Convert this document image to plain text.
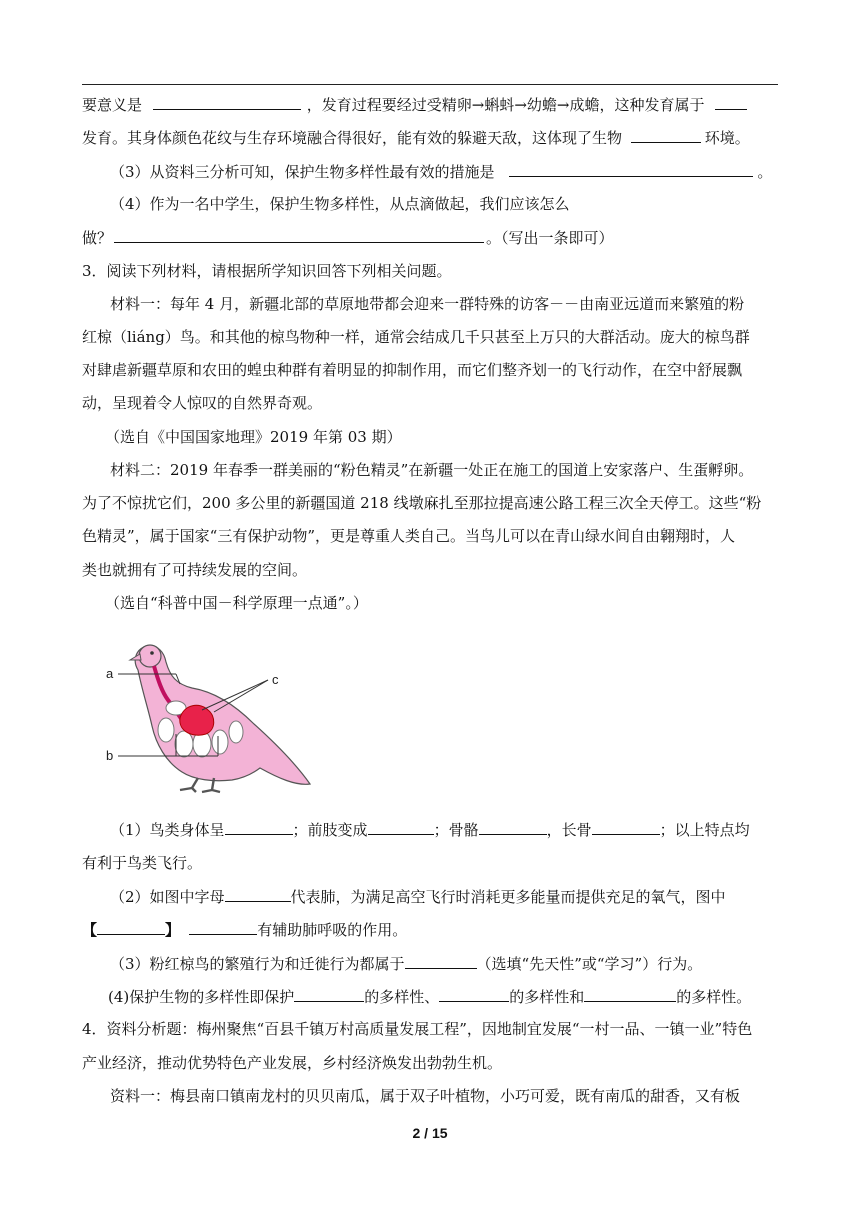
要意义是	，发育过程要经过受精卵→蝌蚪→幼蟾→成蟾，这种发育属于
发育。其身体颜色花纹与生存环境融合得很好，能有效的躲避天敌，这体现了生物	环境。
（3）从资料三分析可知，保护生物多样性最有效的措施是	。
（4）作为一名中学生，保护生物多样性，从点滴做起，我们应该怎么
做？	。（写出一条即可）
3．阅读下列材料，请根据所学知识回答下列相关问题。
材料一：每年 4 月，新疆北部的草原地带都会迎来一群特殊的访客－－由南亚远道而来繁殖的粉
红椋（liáng）鸟。和其他的椋鸟物种一样，通常会结成几千只甚至上万只的大群活动。庞大的椋鸟群
对肆虐新疆草原和农田的蝗虫种群有着明显的抑制作用，而它们整齐划一的飞行动作，在空中舒展飘
动，呈现着令人惊叹的自然界奇观。
（选自《中国国家地理》2019 年第 03 期）
材料二：2019 年春季一群美丽的“粉色精灵”在新疆一处正在施工的国道上安家落户、生蛋孵卵。
为了不惊扰它们，200 多公里的新疆国道 218 线墩麻扎至那拉提高速公路工程三次全天停工。这些“粉
色精灵”，属于国家“三有保护动物”，更是尊重人类自己。当鸟儿可以在青山绿水间自由翱翔时，人
类也就拥有了可持续发展的空间。
（选自“科普中国－科学原理一点通”。）
a
b
c
（1）鸟类身体呈	；前肢变成	；骨骼	，长骨	；以上特点均
有利于鸟类飞行。
（2）如图中字母	代表肺，为满足高空飞行时消耗更多能量而提供充足的氧气，图中
【	】	有辅助肺呼吸的作用。
（3）粉红椋鸟的繁殖行为和迁徙行为都属于	（选填“先天性”或“学习”）行为。
(4)保护生物的多样性即保护	的多样性、	的多样性和	的多样性。
4．资料分析题：梅州聚焦“百县千镇万村高质量发展工程”，因地制宜发展“一村一品、一镇一业”特色
产业经济，推动优势特色产业发展，乡村经济焕发出勃勃生机。
资料一：梅县南口镇南龙村的贝贝南瓜，属于双子叶植物，小巧可爱，既有南瓜的甜香，又有板
2 / 15
